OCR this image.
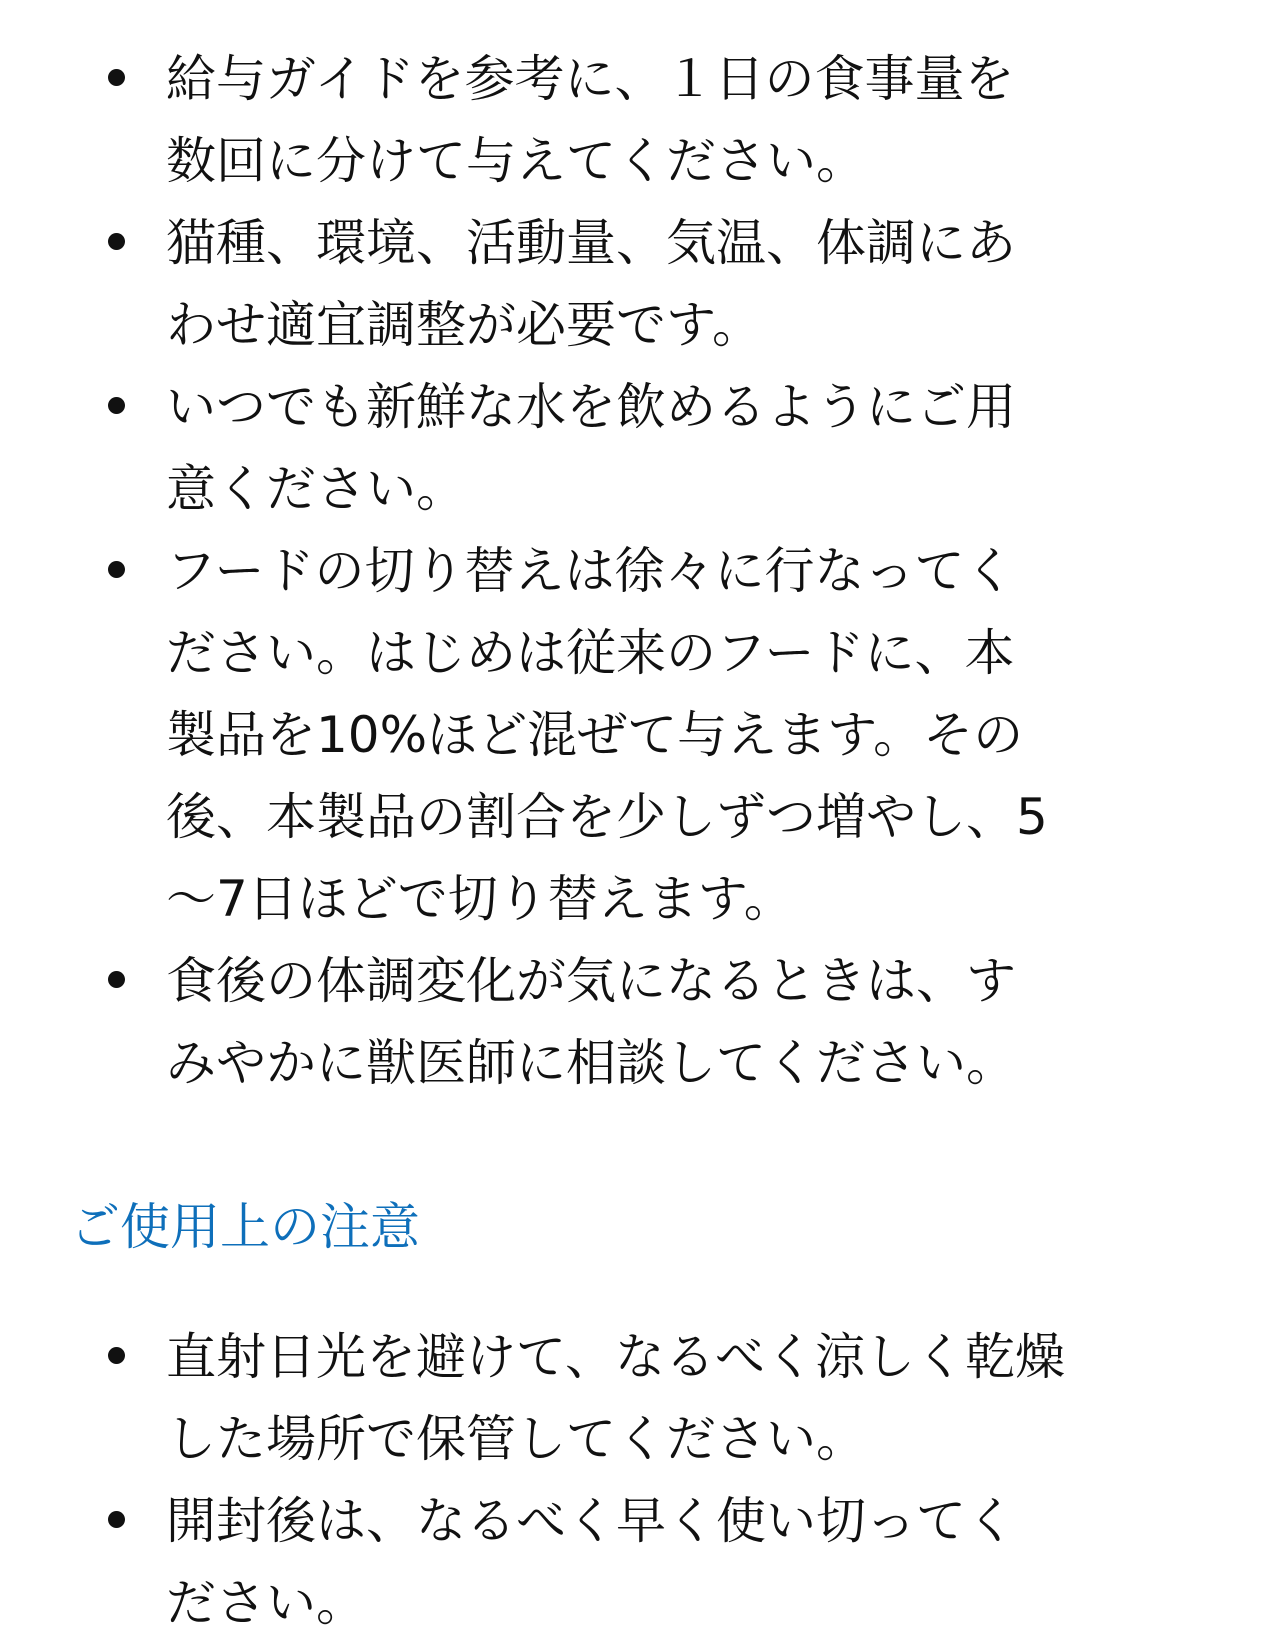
給与ガイドを参考に、１日の食事量を
数回に分けて与えてください。
猫種、環境、活動量、気温、体調にあ
わせ適宜調整が必要です。
いつでも新鮮な水を飲めるようにご用
意ください。
フードの切り替えは徐々に行なってく
ださい。はじめは従来のフードに、本
製品を10%ほど混ぜて与えます。その
後、本製品の割合を少しずつ増やし、5
〜7日ほどで切り替えます。
食後の体調変化が気になるときは、す
みやかに獣医師に相談してください。
ご使用上の注意
直射日光を避けて、なるべく涼しく乾燥
した場所で保管してください。
開封後は、なるべく早く使い切ってく
ださい。
